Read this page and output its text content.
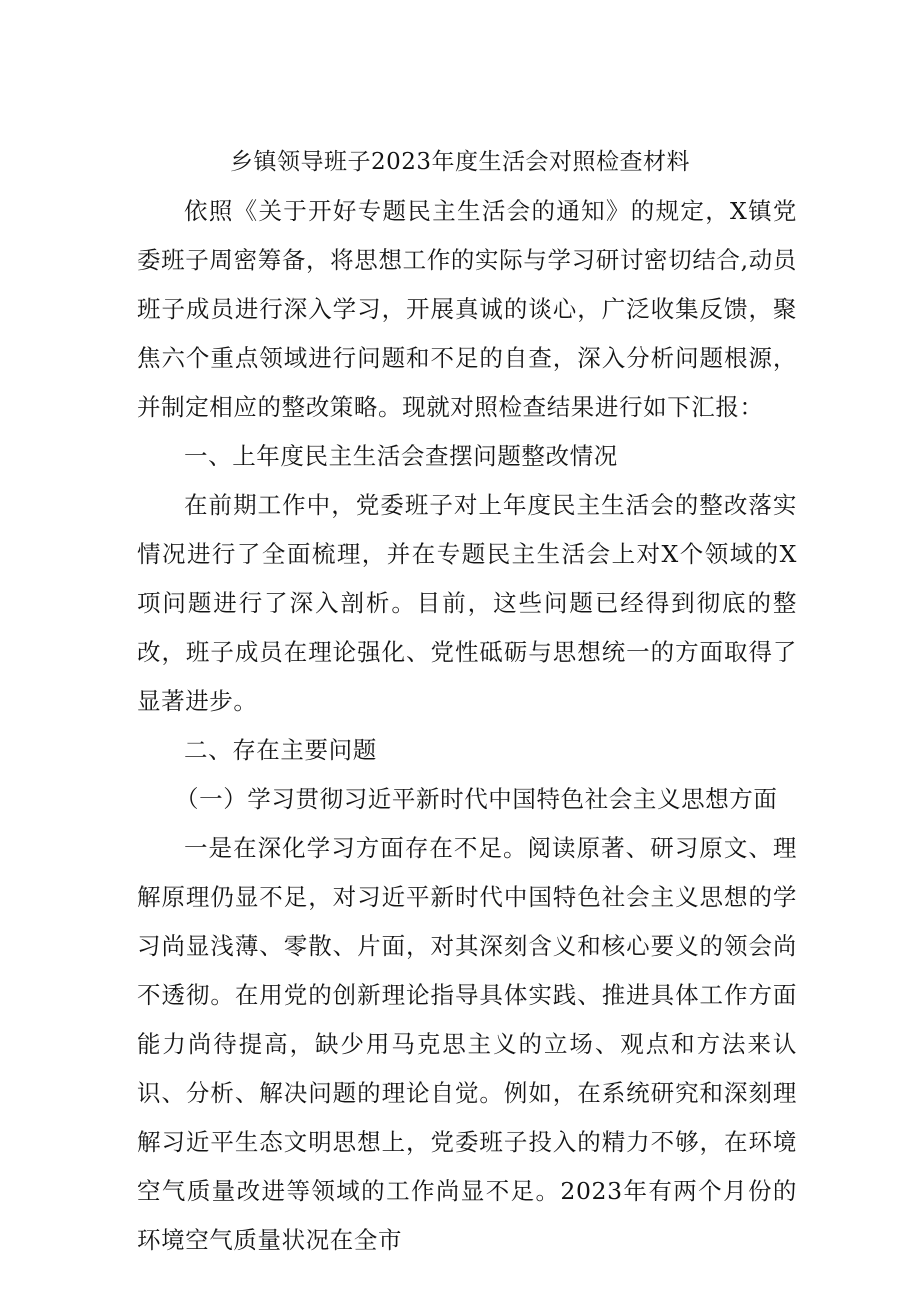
乡镇领导班子2023年度生活会对照检查材料

依照《关于开好专题民主生活会的通知》的规定，X镇党委班子周密筹备，将思想工作的实际与学习研讨密切结合,动员班子成员进行深入学习，开展真诚的谈心，广泛收集反馈，聚焦六个重点领域进行问题和不足的自查，深入分析问题根源，并制定相应的整改策略。现就对照检查结果进行如下汇报：

一、上年度民主生活会查摆问题整改情况

在前期工作中，党委班子对上年度民主生活会的整改落实情况进行了全面梳理，并在专题民主生活会上对X个领域的X项问题进行了深入剖析。目前，这些问题已经得到彻底的整改，班子成员在理论强化、党性砥砺与思想统一的方面取得了显著进步。

二、存在主要问题

（一）学习贯彻习近平新时代中国特色社会主义思想方面

一是在深化学习方面存在不足。阅读原著、研习原文、理解原理仍显不足，对习近平新时代中国特色社会主义思想的学习尚显浅薄、零散、片面，对其深刻含义和核心要义的领会尚不透彻。在用党的创新理论指导具体实践、推进具体工作方面能力尚待提高，缺少用马克思主义的立场、观点和方法来认识、分析、解决问题的理论自觉。例如，在系统研究和深刻理解习近平生态文明思想上，党委班子投入的精力不够，在环境空气质量改进等领域的工作尚显不足。2023年有两个月份的环境空气质量状况在全市
